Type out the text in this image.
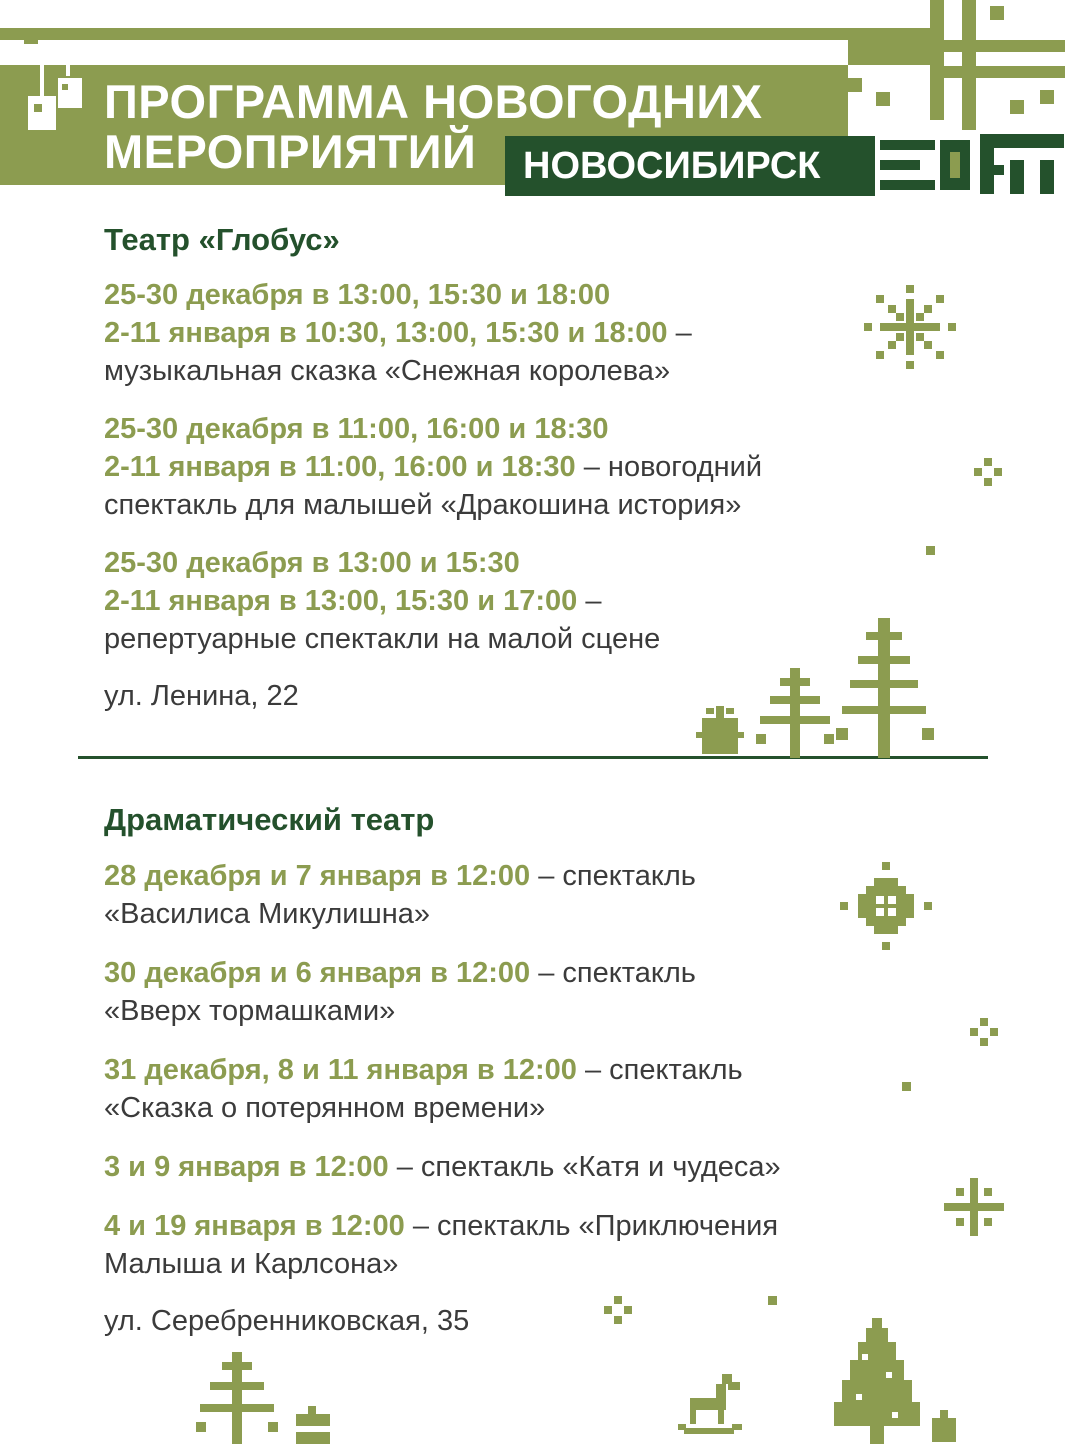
ПРОГРАММА НОВОГОДНИХ
МЕРОПРИЯТИЙ	НОВОСИБИРСК
Театр «Глобус»
25-30 декабря в 13:00, 15:30 и 18:00
2-11 января в 10:30, 13:00, 15:30 и 18:00 –
музыкальная сказка «Снежная королева»
25-30 декабря в 11:00, 16:00 и 18:30
2-11 января в 11:00, 16:00 и 18:30 – новогодний
спектакль для малышей «Дракошина история»
25-30 декабря в 13:00 и 15:30
2-11 января в 13:00, 15:30 и 17:00 –
репертуарные спектакли на малой сцене
ул. Ленина, 22
Драматический театр
28 декабря и 7 января в 12:00 – спектакль
«Василиса Микулишна»
30 декабря и 6 января в 12:00 – спектакль
«Вверх тормашками»
31 декабря, 8 и 11 января в 12:00 – спектакль
«Сказка о потерянном времени»
3 и 9 января в 12:00 – спектакль «Катя и чудеса»
4 и 19 января в 12:00 – спектакль «Приключения
Малыша и Карлсона»
ул. Серебренниковская, 35
